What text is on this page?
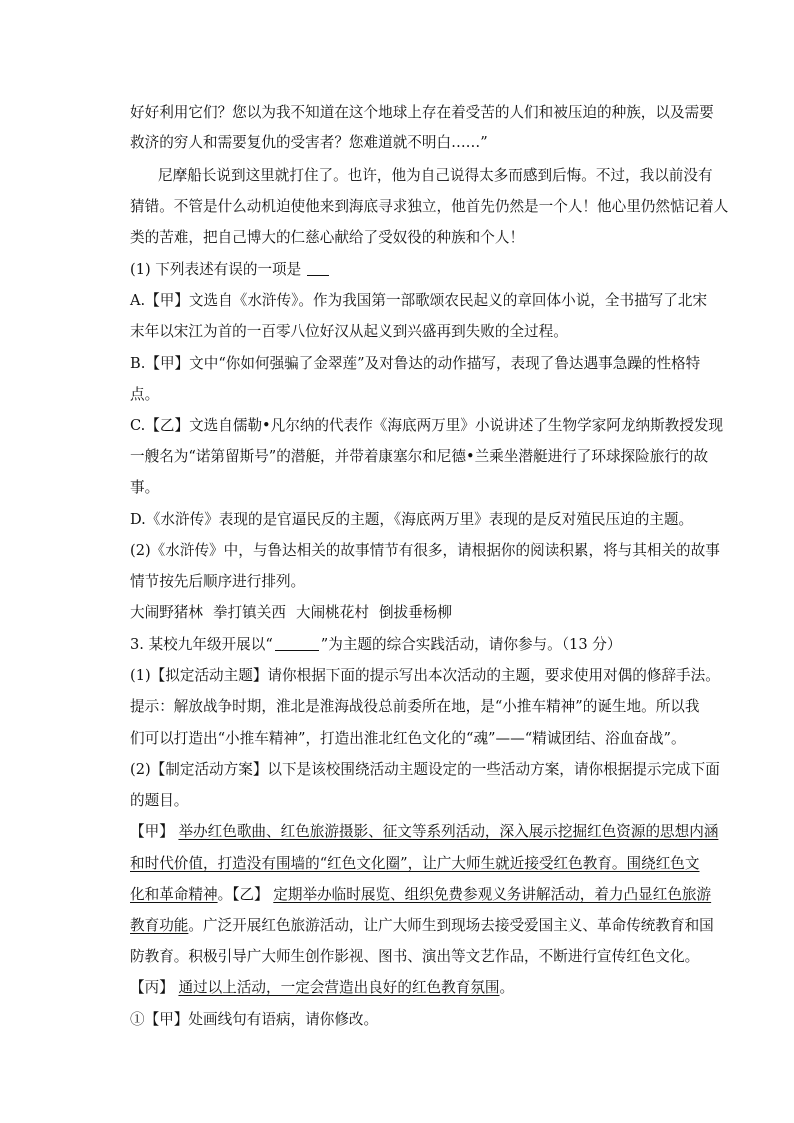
好好利用它们？您以为我不知道在这个地球上存在着受苦的人们和被压迫的种族，以及需要
救济的穷人和需要复仇的受害者？您难道就不明白……”
尼摩船长说到这里就打住了。也许，他为自己说得太多而感到后悔。不过，我以前没有
猜错。不管是什么动机迫使他来到海底寻求独立，他首先仍然是一个人！他心里仍然惦记着人
类的苦难，把自己博大的仁慈心献给了受奴役的种族和个人！
(1) 下列表述有误的一项是
A.【甲】文选自《水浒传》。作为我国第一部歌颂农民起义的章回体小说，全书描写了北宋
末年以宋江为首的一百零八位好汉从起义到兴盛再到失败的全过程。
B.【甲】文中“你如何强骗了金翠莲”及对鲁达的动作描写，表现了鲁达遇事急躁的性格特
点。
C.【乙】文选自儒勒•凡尔纳的代表作《海底两万里》小说讲述了生物学家阿龙纳斯教授发现
一艘名为“诺第留斯号”的潜艇，并带着康塞尔和尼德•兰乘坐潜艇进行了环球探险旅行的故
事。
D.《水浒传》表现的是官逼民反的主题，《海底两万里》表现的是反对殖民压迫的主题。
(2)《水浒传》中，与鲁达相关的故事情节有很多，请根据你的阅读积累，将与其相关的故事
情节按先后顺序进行排列。
大闹野猪林 拳打镇关西 大闹桃花村 倒拔垂杨柳
3. 某校九年级开展以“	”为主题的综合实践活动，请你参与。（13 分）
(1)【拟定活动主题】请你根据下面的提示写出本次活动的主题，要求使用对偶的修辞手法。
提示：解放战争时期，淮北是淮海战役总前委所在地，是“小推车精神”的诞生地。所以我
们可以打造出“小推车精神”，打造出淮北红色文化的“魂”——“精诚团结、浴血奋战”。
(2)【制定活动方案】以下是该校围绕活动主题设定的一些活动方案，请你根据提示完成下面
的题目。
【甲】 举办红色歌曲、红色旅游摄影、征文等系列活动，深入展示挖掘红色资源的思想内涵
和时代价值，打造没有围墙的“红色文化圈”，让广大师生就近接受红色教育。围绕红色文
化和革命精神。【乙】 定期举办临时展览、组织免费参观义务讲解活动，着力凸显红色旅游
教育功能。广泛开展红色旅游活动，让广大师生到现场去接受爱国主义、革命传统教育和国
防教育。积极引导广大师生创作影视、图书、演出等文艺作品，不断进行宣传红色文化。
【丙】 通过以上活动，一定会营造出良好的红色教育氛围。
①【甲】处画线句有语病，请你修改。
